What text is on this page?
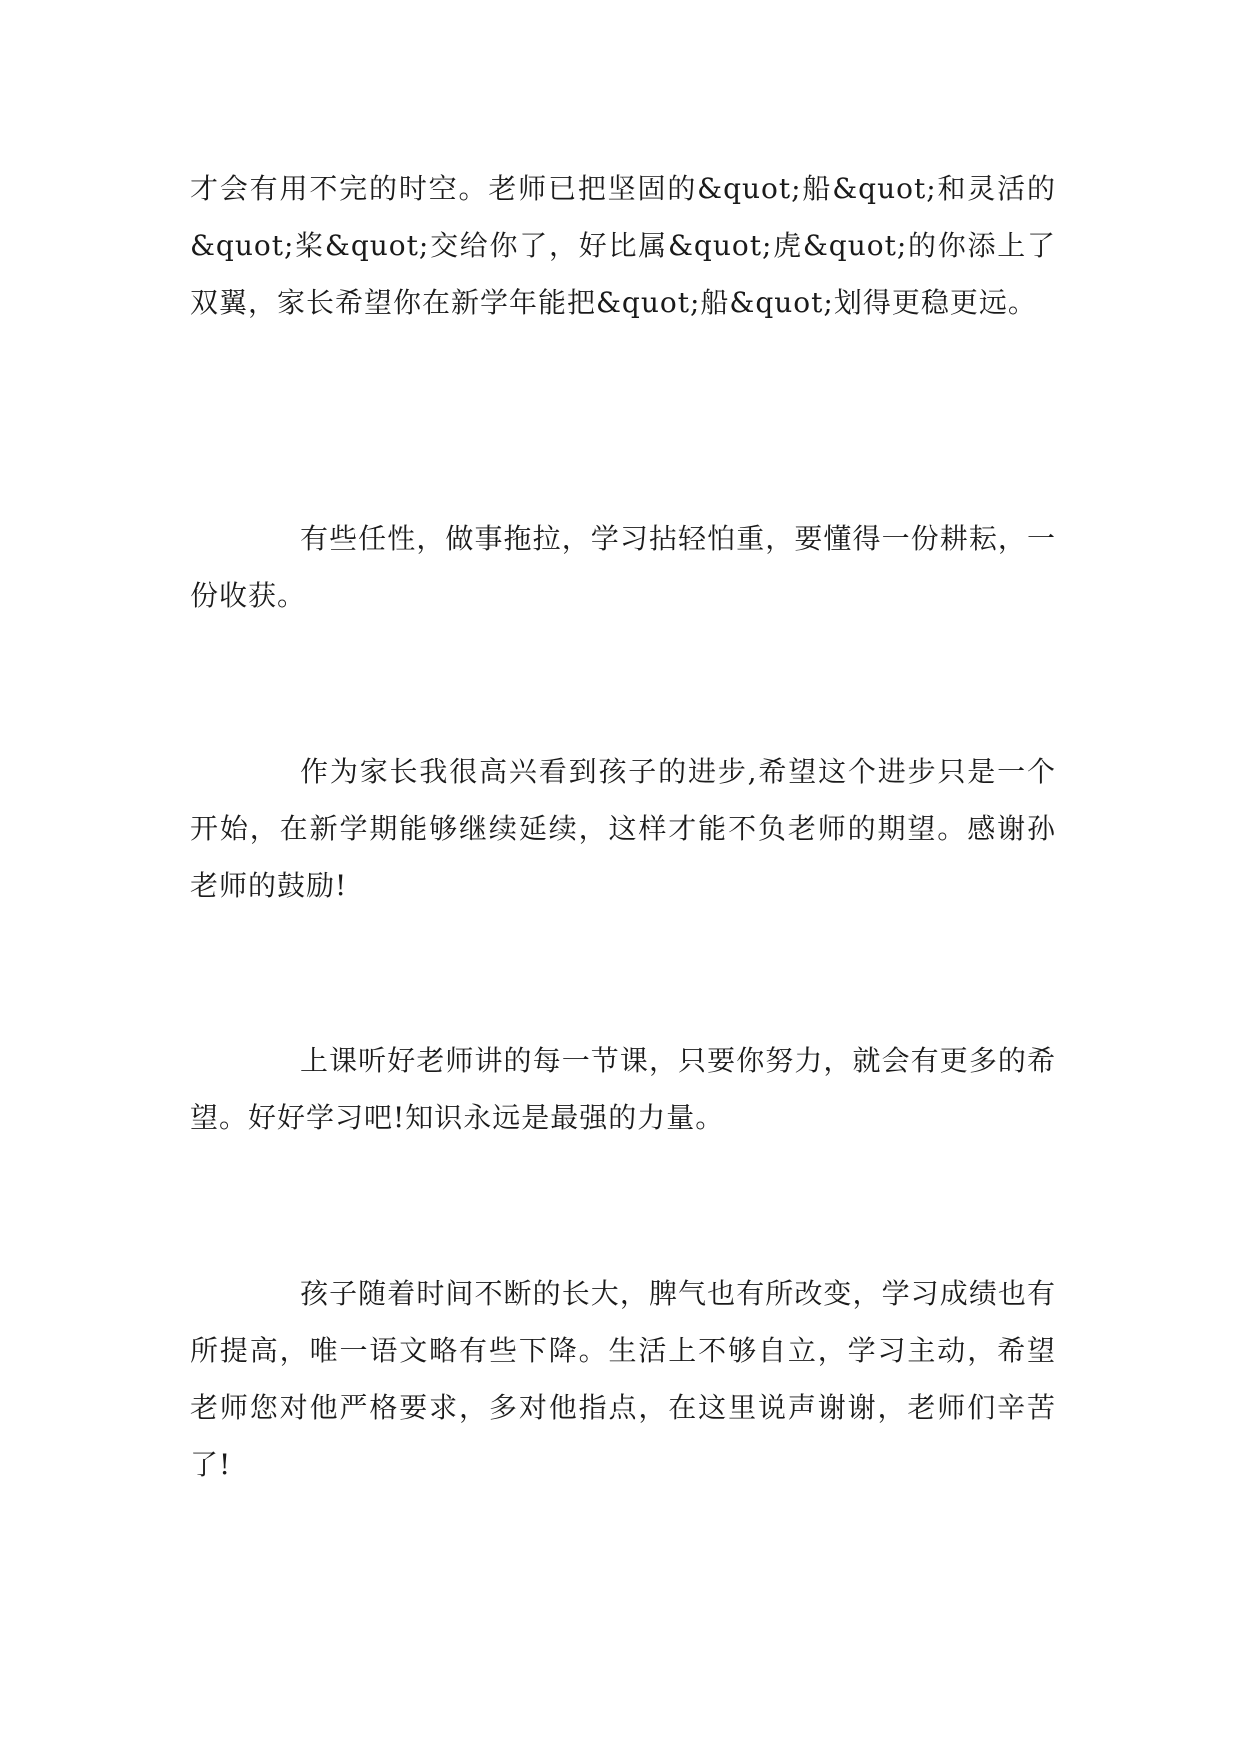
才会有用不完的时空。老师已把坚固的&quot;船&quot;和灵活的&quot;桨&quot;交给你了，好比属&quot;虎&quot;的你添上了双翼，家长希望你在新学年能把&quot;船&quot;划得更稳更远。

有些任性，做事拖拉，学习拈轻怕重，要懂得一份耕耘，一份收获。

作为家长我很高兴看到孩子的进步,希望这个进步只是一个开始，在新学期能够继续延续，这样才能不负老师的期望。感谢孙老师的鼓励!

上课听好老师讲的每一节课，只要你努力，就会有更多的希望。好好学习吧!知识永远是最强的力量。

孩子随着时间不断的长大，脾气也有所改变，学习成绩也有所提高，唯一语文略有些下降。生活上不够自立，学习主动，希望老师您对他严格要求，多对他指点，在这里说声谢谢，老师们辛苦了!
